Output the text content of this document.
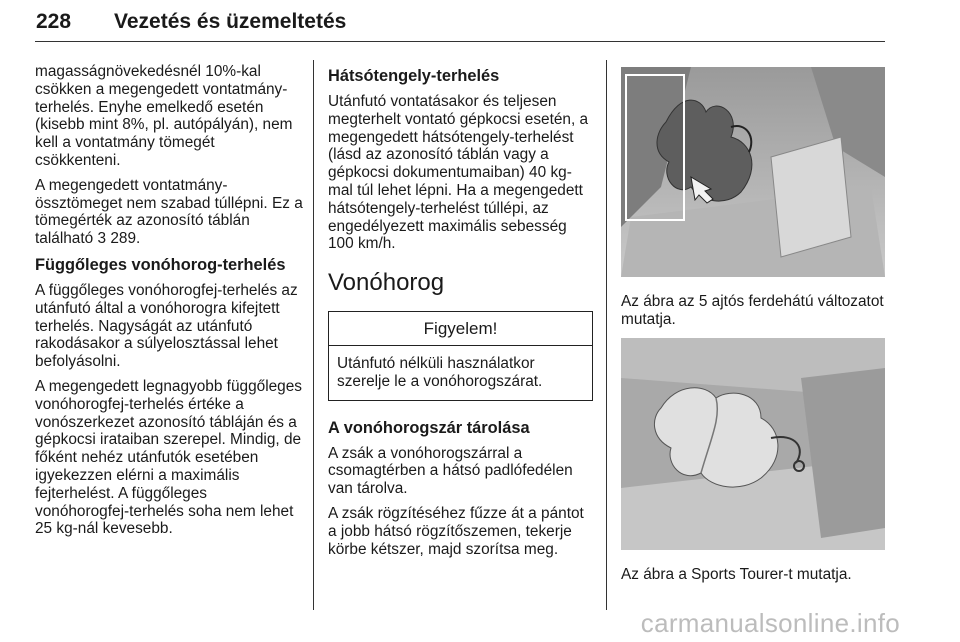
228 Vezetés és üzemeltetés

magasságnövekedésnél 10%-kal csökken a megengedett vontatmány-terhelés. Enyhe emelkedő esetén (kisebb mint 8%, pl. autópályán), nem kell a vontatmány tömegét csökkenteni.

A megengedett vontatmány-össztömeget nem szabad túllépni. Ez a tömegérték az azonosító táblán található 3 289.

Függőleges vonóhorog-terhelés

A függőleges vonóhorogfej-terhelés az utánfutó által a vonóhorogra kifejtett terhelés. Nagyságát az utánfutó rakodásakor a súlyelosztással lehet befolyásolni.

A megengedett legnagyobb függőleges vonóhorogfej-terhelés értéke a vonószerkezet azonosító tábláján és a gépkocsi irataiban szerepel. Mindig, de főként nehéz utánfutók esetében igyekezzen elérni a maximális fejterhelést. A függőleges vonóhorogfej-terhelés soha nem lehet 25 kg-nál kevesebb.

Hátsótengely-terhelés

Utánfutó vontatásakor és teljesen megterhelt vontató gépkocsi esetén, a megengedett hátsótengely-terhelést (lásd az azonosító táblán vagy a gépkocsi dokumentumaiban) 40 kg-mal túl lehet lépni. Ha a megengedett hátsótengely-terhelést túllépi, az engedélyezett maximális sebesség 100 km/h.

Vonóhorog
Figyelem!
Utánfutó nélküli használatkor szerelje le a vonóhorogszárat.
A vonóhorogszár tárolása

A zsák a vonóhorogszárral a csomagtérben a hátsó padlófedélen van tárolva.

A zsák rögzítéséhez fűzze át a pántot a jobb hátsó rögzítőszemen, tekerje körbe kétszer, majd szorítsa meg.

Az ábra az 5 ajtós ferdehátú változatot mutatja.
Az ábra a Sports Tourer-t mutatja.
carmanualsonline.info
